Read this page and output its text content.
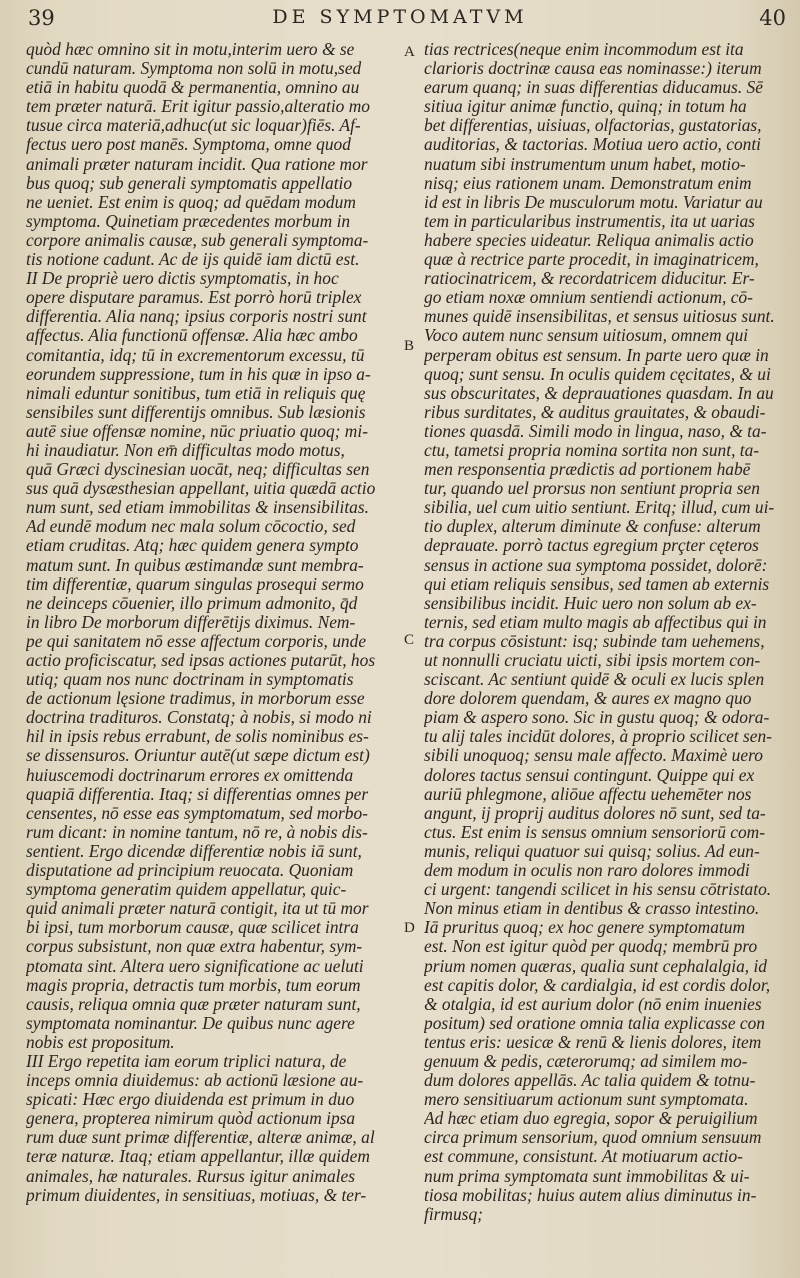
39	DE SYMPTOMATVM	40
quòd hæc omnino sit in motu,interim uero & se
cundū naturam. Symptoma non solū in motu,sed
etiā in habitu quodā & permanentia, omnino au
tem præter naturā. Erit igitur passio,alteratio mo
tusue circa materiā,adhuc(ut sic loquar)fiēs. Af-
fectus uero post manēs. Symptoma, omne quod
animali præter naturam incidit. Qua ratione mor
bus quoq; sub generali symptomatis appellatio
ne ueniet. Est enim is quoq; ad quēdam modum
symptoma. Quinetiam præcedentes morbum in
corpore animalis causæ, sub generali symptoma-
tis notione cadunt. Ac de ijs quidē iam dictū est.
II De propriè uero dictis symptomatis, in hoc
opere disputare paramus. Est porrò horū triplex
differentia. Alia nanq; ipsius corporis nostri sunt
affectus. Alia functionū offensæ. Alia hæc ambo
comitantia, idq; tū in excrementorum excessu, tū
eorundem suppressione, tum in his quæ in ipso a-
nimali eduntur sonitibus, tum etiā in reliquis quę
sensibiles sunt differentijs omnibus. Sub læsionis
autē siue offensæ nomine, nūc priuatio quoq; mi-
hi inaudiatur. Non em̄ difficultas modo motus,
quā Græci dyscinesian uocāt, neq; difficultas sen
sus quā dysæsthesian appellant, uitia quædā actio
num sunt, sed etiam immobilitas & insensibilitas.
Ad eundē modum nec mala solum cōcoctio, sed
etiam cruditas. Atq; hæc quidem genera sympto
matum sunt. In quibus æstimandæ sunt membra-
tim differentiæ, quarum singulas prosequi sermo
ne deinceps cōuenier, illo primum admonito, q̄d
in libro De morborum differētijs diximus. Nem-
pe qui sanitatem nō esse affectum corporis, unde
actio proficiscatur, sed ipsas actiones putarūt, hos
utiq; quam nos nunc doctrinam in symptomatis
de actionum lęsione tradimus, in morborum esse
doctrina tradituros. Constatq; à nobis, si modo ni
hil in ipsis rebus errabunt, de solis nominibus es-
se dissensuros. Oriuntur autē(ut sæpe dictum est)
huiuscemodi doctrinarum errores ex omittenda
quapiā differentia. Itaq; si differentias omnes per
censentes, nō esse eas symptomatum, sed morbo-
rum dicant: in nomine tantum, nō re, à nobis dis-
sentient. Ergo dicendæ differentiæ nobis iā sunt,
disputatione ad principium reuocata. Quoniam
symptoma generatim quidem appellatur, quic-
quid animali præter naturā contigit, ita ut tū mor
bi ipsi, tum morborum causæ, quæ scilicet intra
corpus subsistunt, non quæ extra habentur, sym-
ptomata sint. Altera uero significatione ac ueluti
magis propria, detractis tum morbis, tum eorum
causis, reliqua omnia quæ præter naturam sunt,
symptomata nominantur. De quibus nunc agere
nobis est propositum.
III Ergo repetita iam eorum triplici natura, de
inceps omnia diuidemus: ab actionū læsione au-
spicati: Hæc ergo diuidenda est primum in duo
genera, propterea nimirum quòd actionum ipsa
rum duæ sunt primæ differentiæ, alteræ animæ, al
teræ naturæ. Itaq; etiam appellantur, illæ quidem
animales, hæ naturales. Rursus igitur animales
primum diuidentes, in sensitiuas, motiuas, & ter-
A
B
C
D
tias rectrices(neque enim incommodum est ita
clarioris doctrinæ causa eas nominasse:) iterum
earum quanq; in suas differentias diducamus. Sē
sitiua igitur animæ functio, quinq; in totum ha
bet differentias, uisiuas, olfactorias, gustatorias,
auditorias, & tactorias. Motiua uero actio, conti
nuatum sibi instrumentum unum habet, motio-
nisq; eius rationem unam. Demonstratum enim
id est in libris De musculorum motu. Variatur au
tem in particularibus instrumentis, ita ut uarias
habere species uideatur. Reliqua animalis actio
quæ à rectrice parte procedit, in imaginatricem,
ratiocinatricem, & recordatricem diducitur. Er-
go etiam noxæ omnium sentiendi actionum, cō-
munes quidē insensibilitas, et sensus uitiosus sunt.
Voco autem nunc sensum uitiosum, omnem qui
perperam obitus est sensum. In parte uero quæ in
quoq; sunt sensu. In oculis quidem cęcitates, & ui
sus obscuritates, & deprauationes quasdam. In au
ribus surditates, & auditus grauitates, & obaudi-
tiones quasdā. Simili modo in lingua, naso, & ta-
ctu, tametsi propria nomina sortita non sunt, ta-
men responsentia prædictis ad portionem habē
tur, quando uel prorsus non sentiunt propria sen
sibilia, uel cum uitio sentiunt. Eritq; illud, cum ui-
tio duplex, alterum diminute & confuse: alterum
deprauate. porrò tactus egregium prçter cęteros
sensus in actione sua symptoma possidet, dolorē:
qui etiam reliquis sensibus, sed tamen ab externis
sensibilibus incidit. Huic uero non solum ab ex-
ternis, sed etiam multo magis ab affectibus qui in
tra corpus cōsistunt: isq; subinde tam uehemens,
ut nonnulli cruciatu uicti, sibi ipsis mortem con-
sciscant. Ac sentiunt quidē & oculi ex lucis splen
dore dolorem quendam, & aures ex magno quo
piam & aspero sono. Sic in gustu quoq; & odora-
tu alij tales incidūt dolores, à proprio scilicet sen-
sibili unoquoq; sensu male affecto. Maximè uero
dolores tactus sensui contingunt. Quippe qui ex
auriū phlegmone, aliōue affectu uehemēter nos
angunt, ij proprij auditus dolores nō sunt, sed ta-
ctus. Est enim is sensus omnium sensoriorū com-
munis, reliqui quatuor sui quisq; solius. Ad eun-
dem modum in oculis non raro dolores immodi
ci urgent: tangendi scilicet in his sensu cōtristato.
Non minus etiam in dentibus & crasso intestino.
Iā pruritus quoq; ex hoc genere symptomatum
est. Non est igitur quòd per quodq; membrū pro
prium nomen quæras, qualia sunt cephalalgia, id
est capitis dolor, & cardialgia, id est cordis dolor,
& otalgia, id est aurium dolor (nō enim inuenies
positum) sed oratione omnia talia explicasse con
tentus eris: uesicæ & renū & lienis dolores, item
genuum & pedis, cæterorumq; ad similem mo-
dum dolores appellās. Ac talia quidem & totnu-
mero sensitiuarum actionum sunt symptomata.
Ad hæc etiam duo egregia, sopor & peruigilium
circa primum sensorium, quod omnium sensuum
est commune, consistunt. At motiuarum actio-
num prima symptomata sunt immobilitas & ui-
tiosa mobilitas; huius autem alius diminutus in-
firmusq;
